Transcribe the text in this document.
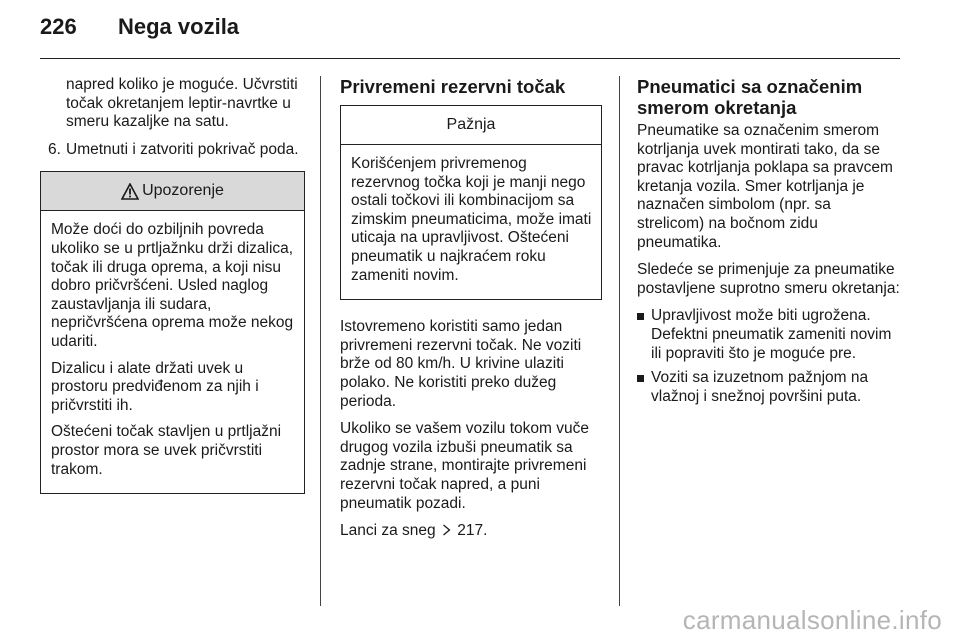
226	Nega vozila

napred koliko je moguće. Učvrstiti točak okretanjem leptir-navrtke u smeru kazaljke na satu.

6. Umetnuti i zatvoriti pokrivač poda.
Upozorenje

Može doći do ozbiljnih povreda ukoliko se u prtljažnku drži dizalica, točak ili druga oprema, a koji nisu dobro pričvršćeni. Usled naglog zaustavljanja ili sudara, nepričvršćena oprema može nekog udariti.

Dizalicu i alate držati uvek u prostoru predviđenom za njih i pričvrstiti ih.

Oštećeni točak stavljen u prtljažni prostor mora se uvek pričvrstiti trakom.

Privremeni rezervni točak
Pažnja

Korišćenjem privremenog rezervnog točka koji je manji nego ostali točkovi ili kombinacijom sa zimskim pneumaticima, može imati uticaja na upravljivost. Oštećeni pneumatik u najkraćem roku zameniti novim.

Istovremeno koristiti samo jedan privremeni rezervni točak. Ne voziti brže od 80 km/h. U krivine ulaziti polako. Ne koristiti preko dužeg perioda.

Ukoliko se vašem vozilu tokom vuče drugog vozila izbuši pneumatik sa zadnje strane, montirajte privremeni rezervni točak napred, a puni pneumatik pozadi.

Lanci za sneg 217.

Pneumatici sa označenim smerom okretanja

Pneumatike sa označenim smerom kotrljanja uvek montirati tako, da se pravac kotrljanja poklapa sa pravcem kretanja vozila. Smer kotrljanja je naznačen simbolom (npr. sa strelicom) na bočnom zidu pneumatika.

Sledeće se primenjuje za pneumatike postavljene suprotno smeru okretanja:

Upravljivost može biti ugrožena. Defektni pneumatik zameniti novim ili popraviti što je moguće pre.
Voziti sa izuzetnom pažnjom na vlažnoj i snežnoj površini puta.
carmanualsonline.info
